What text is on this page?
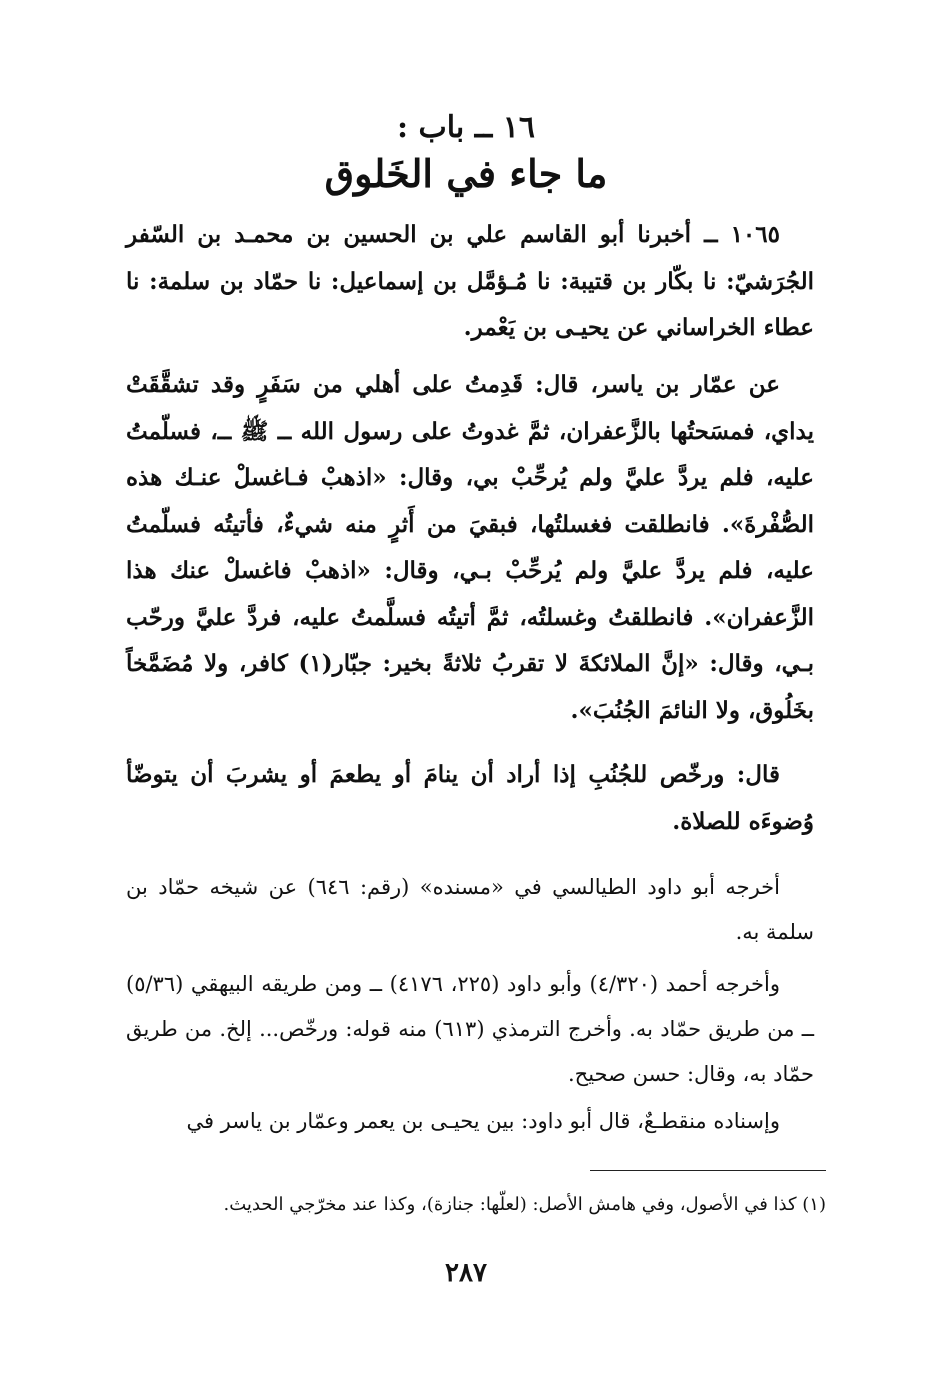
١٦ ــ باب :
ما جاء في الخَلوق
١٠٦٥ ــ أخبرنا أبو القاسم علي بن الحسين بن محمـد بن السّفر الجُرَشيّ: نا بكّار بن قتيبة: نا مُـؤمَّل بن إسماعيل: نا حمّاد بن سلمة: نا عطاء الخراساني عن يحيـى بن يَعْمر.
عن عمّار بن ياسر، قال: قَدِمتُ على أهلي من سَفَرٍ وقد تشقَّقَتْ يداي، فمسَحتُها بالزَّعفران، ثمَّ غدوتُ على رسول الله ــ ﷺ ــ، فسلّمتُ عليه، فلم يردَّ عليَّ ولم يُرحِّبْ بي، وقال: «اذهبْ فـاغسلْ عنـك هذه الصُّفْرةَ». فانطلقت فغسلتُها، فبقيَ من أَثرٍ منه شيءٌ، فأتيتُه فسلّمتُ عليه، فلم يردَّ عليَّ ولم يُرحِّبْ بـي، وقال: «اذهبْ فاغسلْ عنك هذا الزَّعفران». فانطلقتُ وغسلتُه، ثمَّ أتيتُه فسلَّمتُ عليه، فردَّ عليَّ ورحّب بـي، وقال: «إنَّ الملائكةَ لا تقربُ ثلاثةً بخير: جبّار(١) كافر، ولا مُضَمَّخاً بخَلُوق، ولا النائمَ الجُنُبَ».
قال: ورخّص للجُنُبِ إذا أراد أن ينامَ أو يطعمَ أو يشربَ أن يتوضّأ وُضوءَه للصلاة.
أخرجه أبو داود الطيالسي في «مسنده» (رقم: ٦٤٦) عن شيخه حمّاد بن سلمة به.
وأخرجه أحمد (٤/٣٢٠) وأبو داود (٢٢٥، ٤١٧٦) ــ ومن طريقه البيهقي (٥/٣٦) ــ من طريق حمّاد به. وأخرج الترمذي (٦١٣) منه قوله: ورخّص... إلخ. من طريق حمّاد به، وقال: حسن صحيح.
وإسناده منقطـعٌ، قال أبو داود: بين يحيـى بن يعمر وعمّار بن ياسر في
(١) كذا في الأصول، وفي هامش الأصل: (لعلّها: جنازة)، وكذا عند مخرّجي الحديث.
٢٨٧
